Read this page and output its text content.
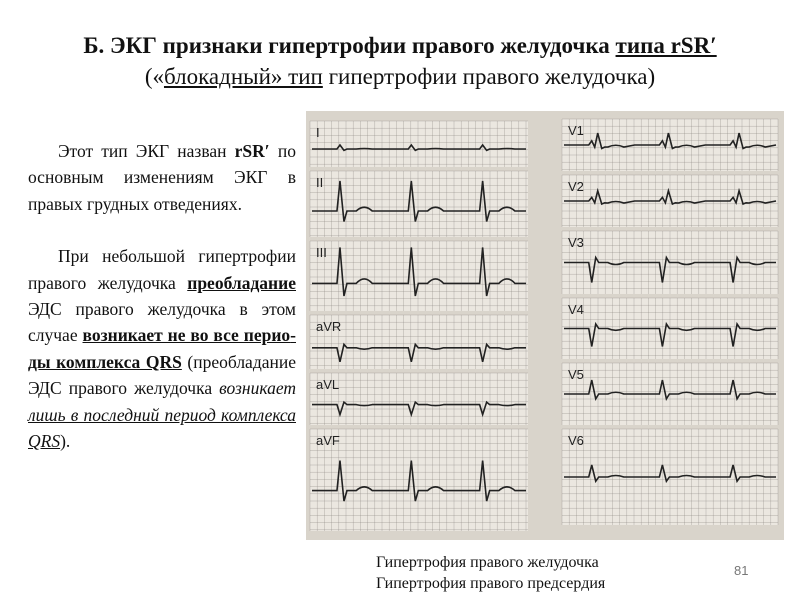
Б. ЭКГ признаки гипертрофии правого желудочка типа rSR′
(«блокадный» тип гипертрофии правого желудочка)

Этот тип ЭКГ назван rSR′ по основным изменениям ЭКГ в правых грудных отведениях.

При небольшой гипертрофии правого желудочка преобладание ЭДС правого желудочка в этом случае возникает не во все периоды комплекса QRS (преобладание ЭДС правого желудочка возникает лишь в последний период комплекса QRS).

I
II
III
aVR
aVL
aVF
V1
V2
V3
V4
V5
V6
Гипертрофия правого желудочка
Гипертрофия правого предсердия
81
